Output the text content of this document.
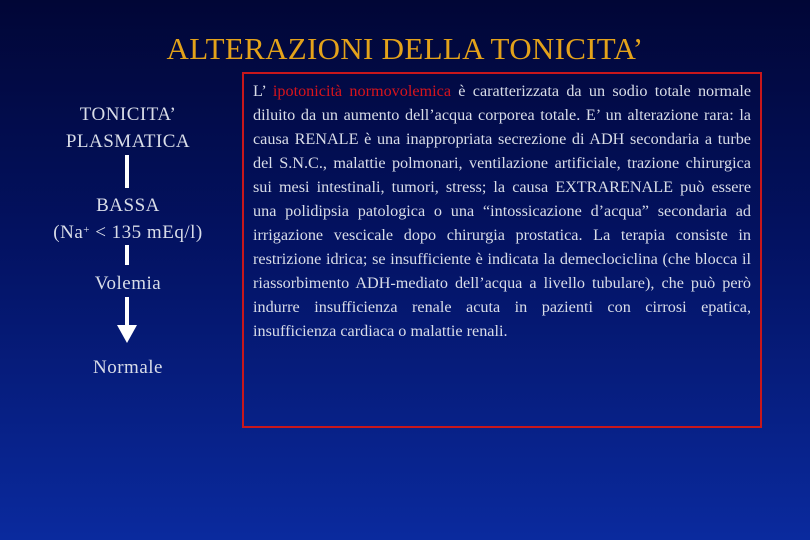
ALTERAZIONI DELLA TONICITA’
TONICITA’
PLASMATICA
BASSA
(Na+ < 135 mEq/l)
Volemia
Normale
L’ ipotonicità normovolemica è caratterizzata da un sodio totale normale diluito da un aumento dell’acqua corporea totale. E’ un alterazione rara: la causa RENALE è una inappropriata secrezione di ADH secondaria a turbe del S.N.C., malattie polmonari, ventilazione artificiale, trazione chirurgica sui mesi intestinali, tumori, stress; la causa EXTRARENALE può essere una polidipsia patologica o una “intossicazione d’acqua” secondaria ad irrigazione vescicale dopo chirurgia prostatica. La terapia consiste in restrizione idrica; se insufficiente è indicata la demeclociclina (che blocca il riassorbimento ADH-mediato dell’acqua a livello tubulare), che può però indurre insufficienza renale acuta in pazienti con cirrosi epatica, insufficienza cardiaca o malattie renali.
